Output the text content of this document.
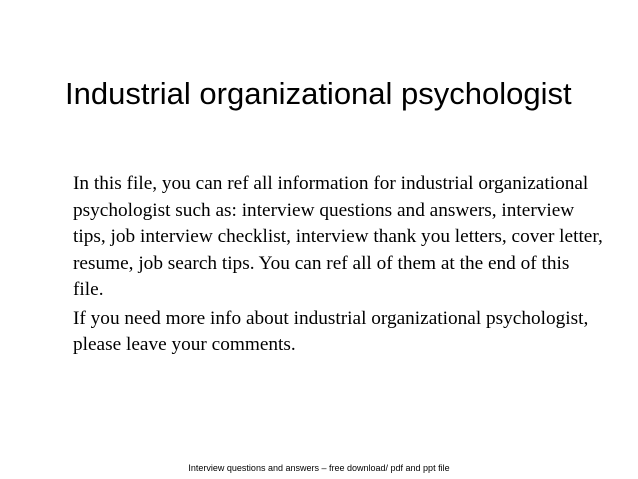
Industrial organizational psychologist

In this file, you can ref all information for industrial organizational psychologist such as: interview questions and answers, interview tips, job interview checklist, interview thank you letters, cover letter, resume, job search tips. You can ref all of them at the end of this file.

If you need more info about industrial organizational psychologist, please leave your comments.

Interview questions and answers – free download/ pdf and ppt file
